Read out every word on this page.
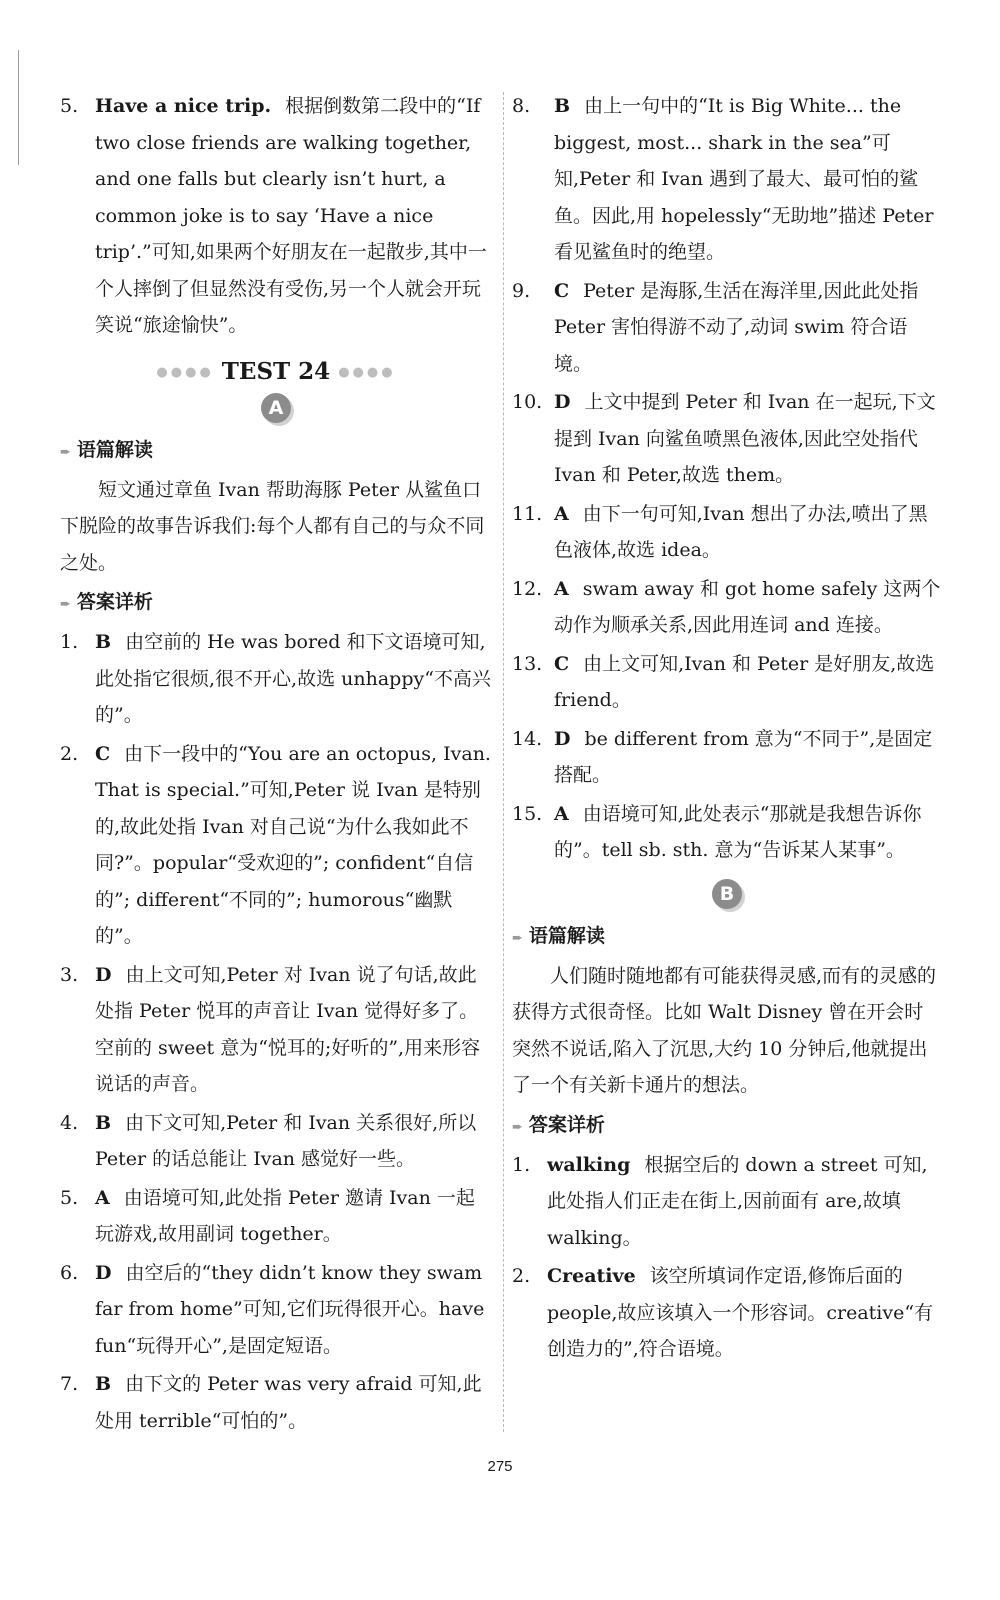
5. Have a nice trip. 根据倒数第二段中的“If two close friends are walking together, and one falls but clearly isn’t hurt, a common joke is to say ‘Have a nice trip’.”可知,如果两个好朋友在一起散步,其中一个人摔倒了但显然没有受伤,另一个人就会开玩笑说“旅途愉快”。
●●●● TEST 24 ●●●●
A
➨ 语篇解读
短文通过章鱼 Ivan 帮助海豚 Peter 从鲨鱼口下脱险的故事告诉我们:每个人都有自己的与众不同之处。
➨ 答案详析
1. B 由空前的 He was bored 和下文语境可知,此处指它很烦,很不开心,故选 unhappy“不高兴的”。
2. C 由下一段中的“You are an octopus, Ivan. That is special.”可知,Peter 说 Ivan 是特别的,故此处指 Ivan 对自己说“为什么我如此不同?”。popular“受欢迎的”; confident“自信的”; different“不同的”; humorous“幽默的”。
3. D 由上文可知,Peter 对 Ivan 说了句话,故此处指 Peter 悦耳的声音让 Ivan 觉得好多了。空前的 sweet 意为“悦耳的;好听的”,用来形容说话的声音。
4. B 由下文可知,Peter 和 Ivan 关系很好,所以 Peter 的话总能让 Ivan 感觉好一些。
5. A 由语境可知,此处指 Peter 邀请 Ivan 一起玩游戏,故用副词 together。
6. D 由空后的“they didn’t know they swam far from home”可知,它们玩得很开心。have fun“玩得开心”,是固定短语。
7. B 由下文的 Peter was very afraid 可知,此处用 terrible“可怕的”。
8. B 由上一句中的“It is Big White... the biggest, most... shark in the sea”可知,Peter 和 Ivan 遇到了最大、最可怕的鲨鱼。因此,用 hopelessly“无助地”描述 Peter 看见鲨鱼时的绝望。
9. C Peter 是海豚,生活在海洋里,因此此处指 Peter 害怕得游不动了,动词 swim 符合语境。
10. D 上文中提到 Peter 和 Ivan 在一起玩,下文提到 Ivan 向鲨鱼喷黑色液体,因此空处指代 Ivan 和 Peter,故选 them。
11. A 由下一句可知,Ivan 想出了办法,喷出了黑色液体,故选 idea。
12. A swam away 和 got home safely 这两个动作为顺承关系,因此用连词 and 连接。
13. C 由上文可知,Ivan 和 Peter 是好朋友,故选 friend。
14. D be different from 意为“不同于”,是固定搭配。
15. A 由语境可知,此处表示“那就是我想告诉你的”。tell sb. sth. 意为“告诉某人某事”。
B
➨ 语篇解读
人们随时随地都有可能获得灵感,而有的灵感的获得方式很奇怪。比如 Walt Disney 曾在开会时突然不说话,陷入了沉思,大约 10 分钟后,他就提出了一个有关新卡通片的想法。
➨ 答案详析
1. walking 根据空后的 down a street 可知,此处指人们正走在街上,因前面有 are,故填 walking。
2. Creative 该空所填词作定语,修饰后面的 people,故应该填入一个形容词。creative“有创造力的”,符合语境。
275
